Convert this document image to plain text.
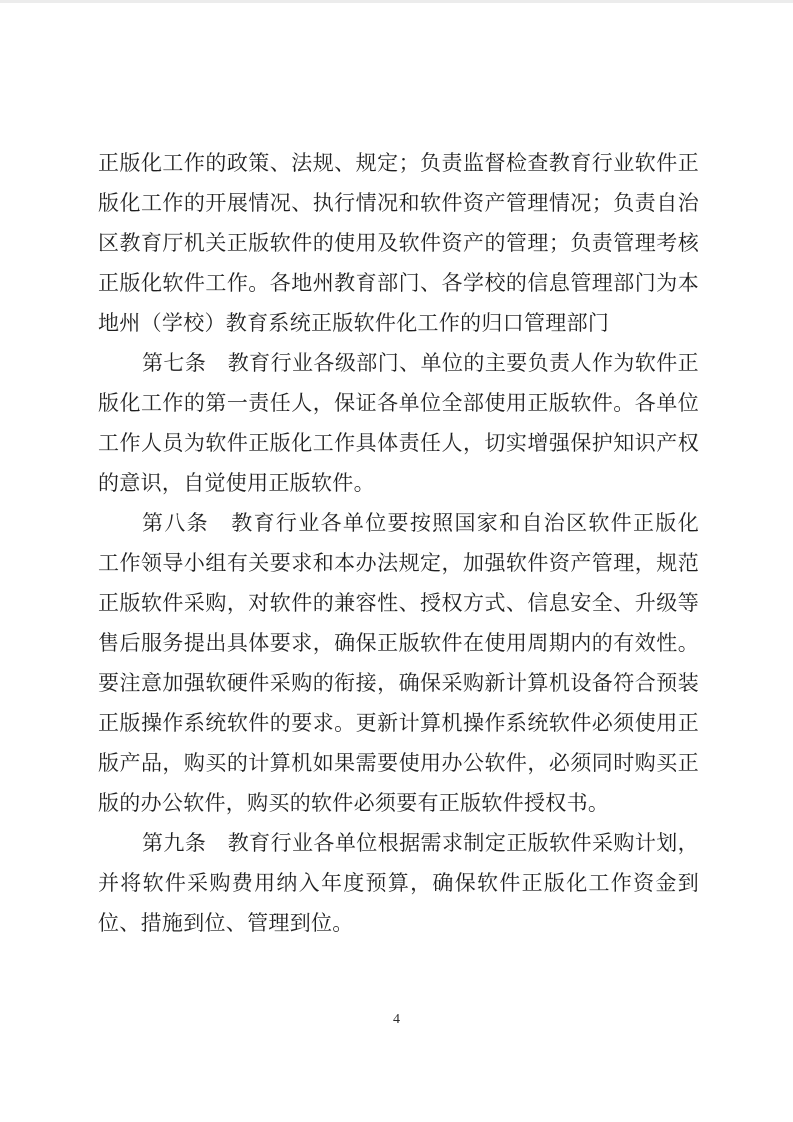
正版化工作的政策、法规、规定；负责监督检查教育行业软件正
版化工作的开展情况、执行情况和软件资产管理情况；负责自治
区教育厅机关正版软件的使用及软件资产的管理；负责管理考核
正版化软件工作。各地州教育部门、各学校的信息管理部门为本
地州（学校）教育系统正版软件化工作的归口管理部门
第七条　教育行业各级部门、单位的主要负责人作为软件正
版化工作的第一责任人，保证各单位全部使用正版软件。各单位
工作人员为软件正版化工作具体责任人，切实增强保护知识产权
的意识，自觉使用正版软件。
第八条　教育行业各单位要按照国家和自治区软件正版化
工作领导小组有关要求和本办法规定，加强软件资产管理，规范
正版软件采购，对软件的兼容性、授权方式、信息安全、升级等
售后服务提出具体要求，确保正版软件在使用周期内的有效性。
要注意加强软硬件采购的衔接，确保采购新计算机设备符合预装
正版操作系统软件的要求。更新计算机操作系统软件必须使用正
版产品，购买的计算机如果需要使用办公软件，必须同时购买正
版的办公软件，购买的软件必须要有正版软件授权书。
第九条　教育行业各单位根据需求制定正版软件采购计划，
并将软件采购费用纳入年度预算，确保软件正版化工作资金到
位、措施到位、管理到位。
4
